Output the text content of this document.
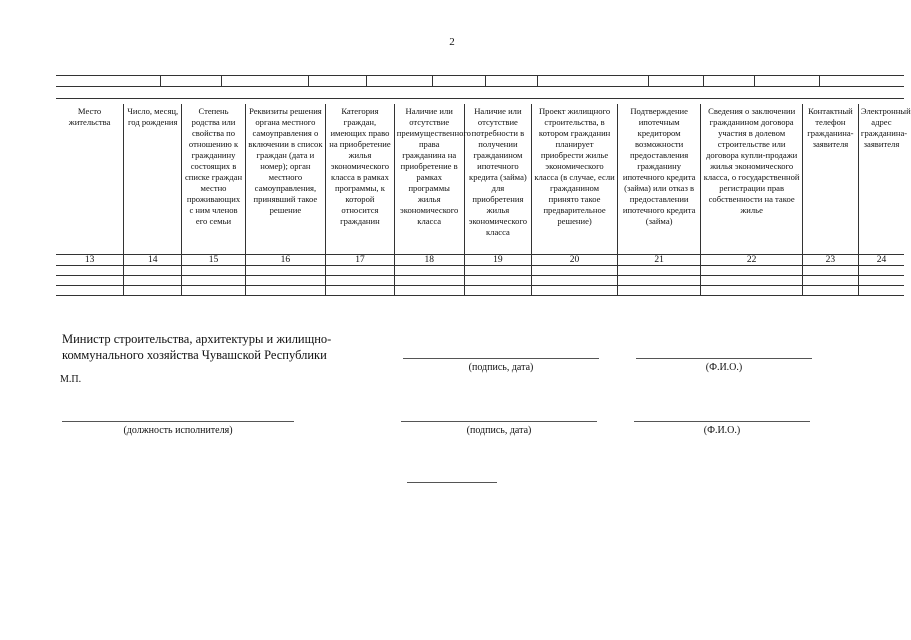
2
Место жительства	Число, месяц, год рождения	Степень родства или свойства по отношению к гражданину состоящих в списке граждан местно проживающих с ним членов его семьи	Реквизиты решения органа местного самоуправления о включении в список граждан (дата и номер); орган местного самоуправления, принявший такое решение	Категория граждан, имеющих право на приобретение жилья экономического класса в рамках программы, к которой относится гражданин	Наличие или отсутствие преимущественного права гражданина на приобретение в рамках программы жилья экономического класса	Наличие или отсутствие потребности в получении гражданином ипотечного кредита (займа) для приобретения жилья экономического класса	Проект жилищного строительства, в котором гражданин планирует приобрести жилье экономического класса (в случае, если гражданином принято такое предварительное решение)	Подтверждение ипотечным кредитором возможности предоставления гражданину ипотечного кредита (займа) или отказ в предоставлении ипотечного кредита (займа)	Сведения о заключении гражданином договора участия в долевом строительстве или договора купли-продажи жилья экономического класса, о государственной регистрации прав собственности на такое жилье	Контактный телефон гражданина-заявителя	Электронный адрес гражданина-заявителя
13	14	15	16	17	18	19	20	21	22	23	24

Министр строительства, архитектуры и жилищно-коммунального хозяйства Чувашской Республики
(подпись, дата)	(Ф.И.О.)
М.П.
(должность исполнителя)	(подпись, дата)	(Ф.И.О.)
